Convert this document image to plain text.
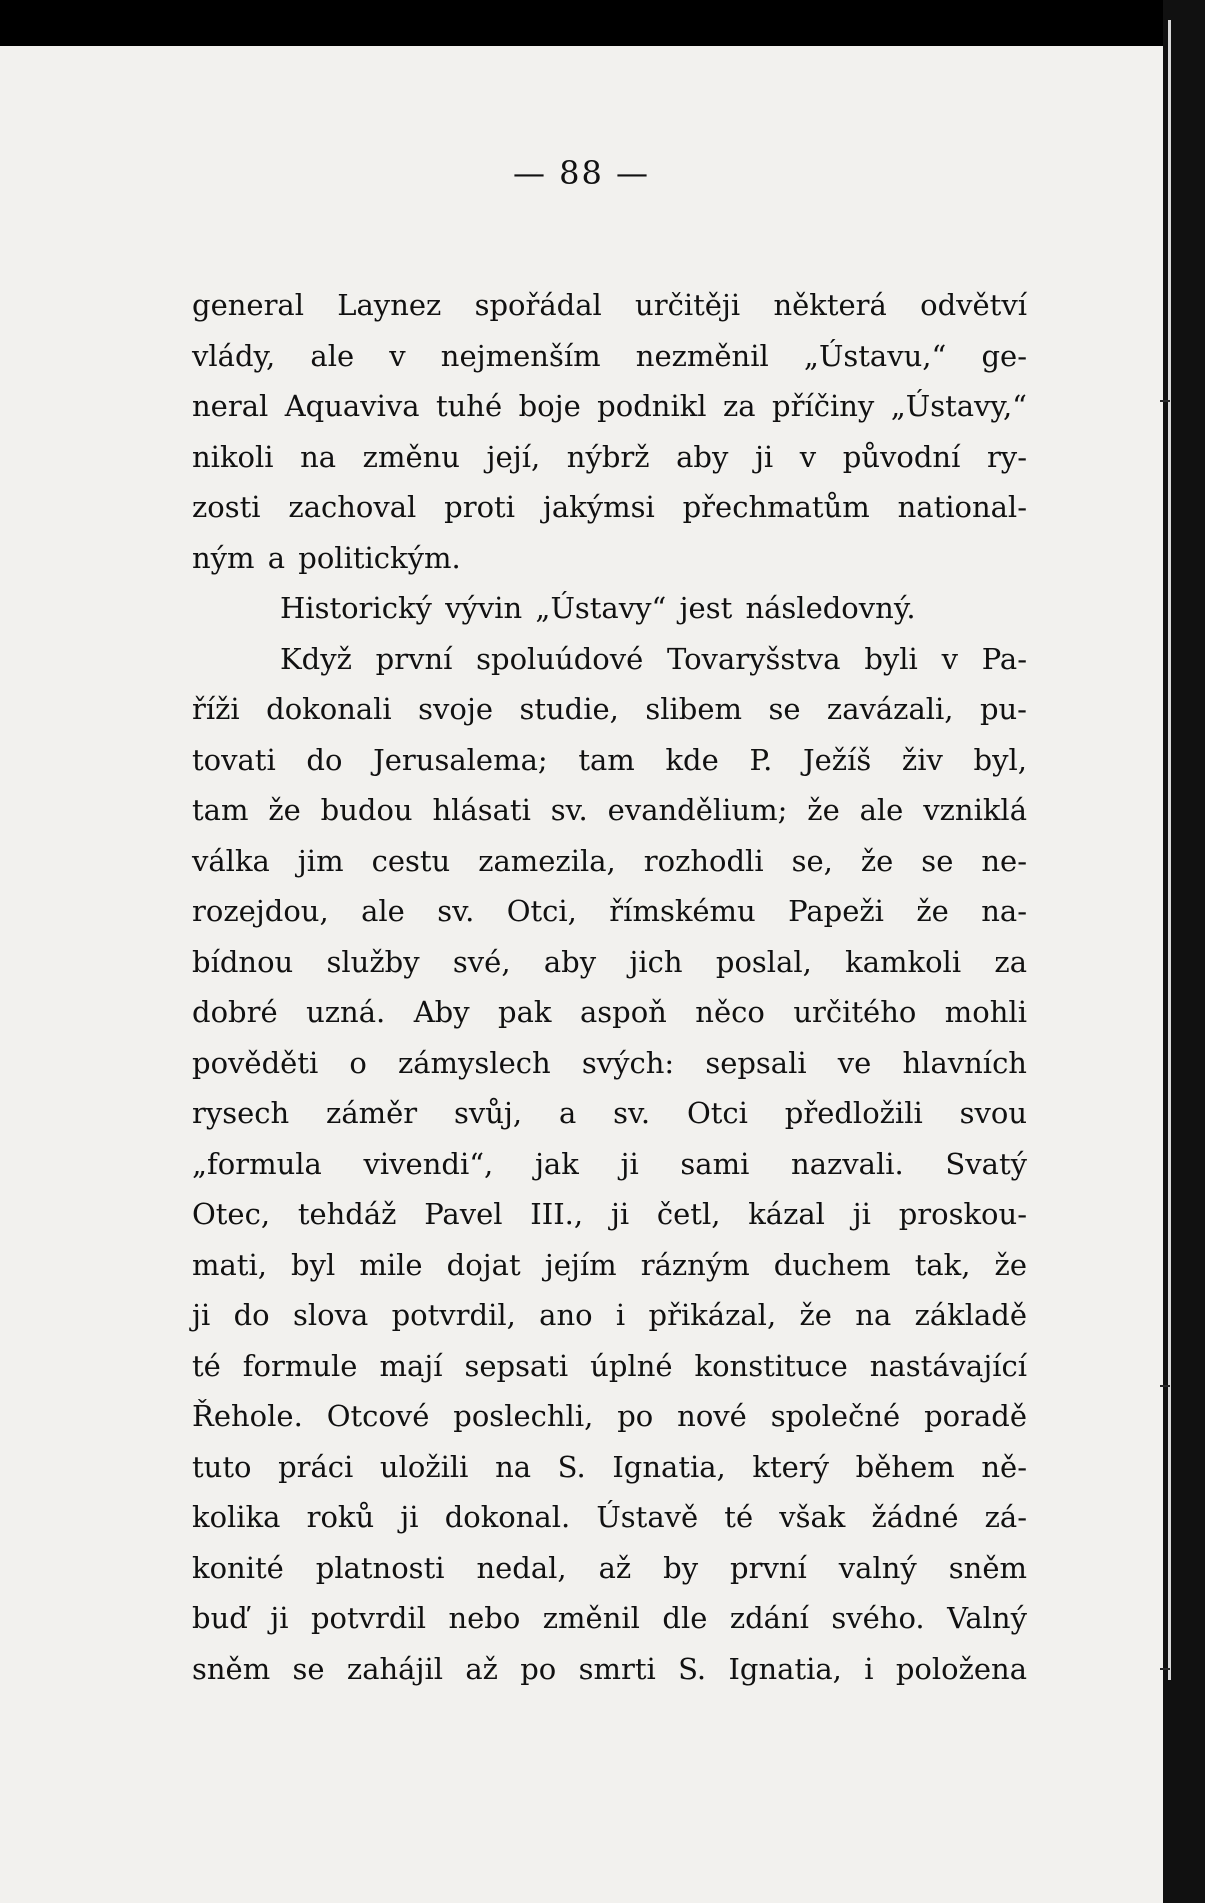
— 88 —
general Laynez spořádal určitěji některá odvětví
vlády, ale v nejmenším nezměnil „Ústavu,“ ge-
neral Aquaviva tuhé boje podnikl za příčiny „Ústavy,“
nikoli na změnu její, nýbrž aby ji v původní ry-
zosti zachoval proti jakýmsi přechmatům national-
ným a politickým.
Historický vývin „Ústavy“ jest následovný.
Když první spoluúdové Tovaryšstva byli v Pa-
říži dokonali svoje studie, slibem se zavázali, pu-
tovati do Jerusalema; tam kde P. Ježíš živ byl,
tam že budou hlásati sv. evandělium; že ale vzniklá
válka jim cestu zamezila, rozhodli se, že se ne-
rozejdou, ale sv. Otci, římskému Papeži že na-
bídnou služby své, aby jich poslal, kamkoli za
dobré uzná. Aby pak aspoň něco určitého mohli
pověděti o zámyslech svých: sepsali ve hlavních
rysech záměr svůj, a sv. Otci předložili svou
„formula vivendi“, jak ji sami nazvali. Svatý
Otec, tehdáž Pavel III., ji četl, kázal ji proskou-
mati, byl mile dojat jejím rázným duchem tak, že
ji do slova potvrdil, ano i přikázal, že na základě
té formule mají sepsati úplné konstituce nastávající
Řehole. Otcové poslechli, po nové společné poradě
tuto práci uložili na S. Ignatia, který během ně-
kolika roků ji dokonal. Ústavě té však žádné zá-
konité platnosti nedal, až by první valný sněm
buď ji potvrdil nebo změnil dle zdání svého. Valný
sněm se zahájil až po smrti S. Ignatia, i položena
